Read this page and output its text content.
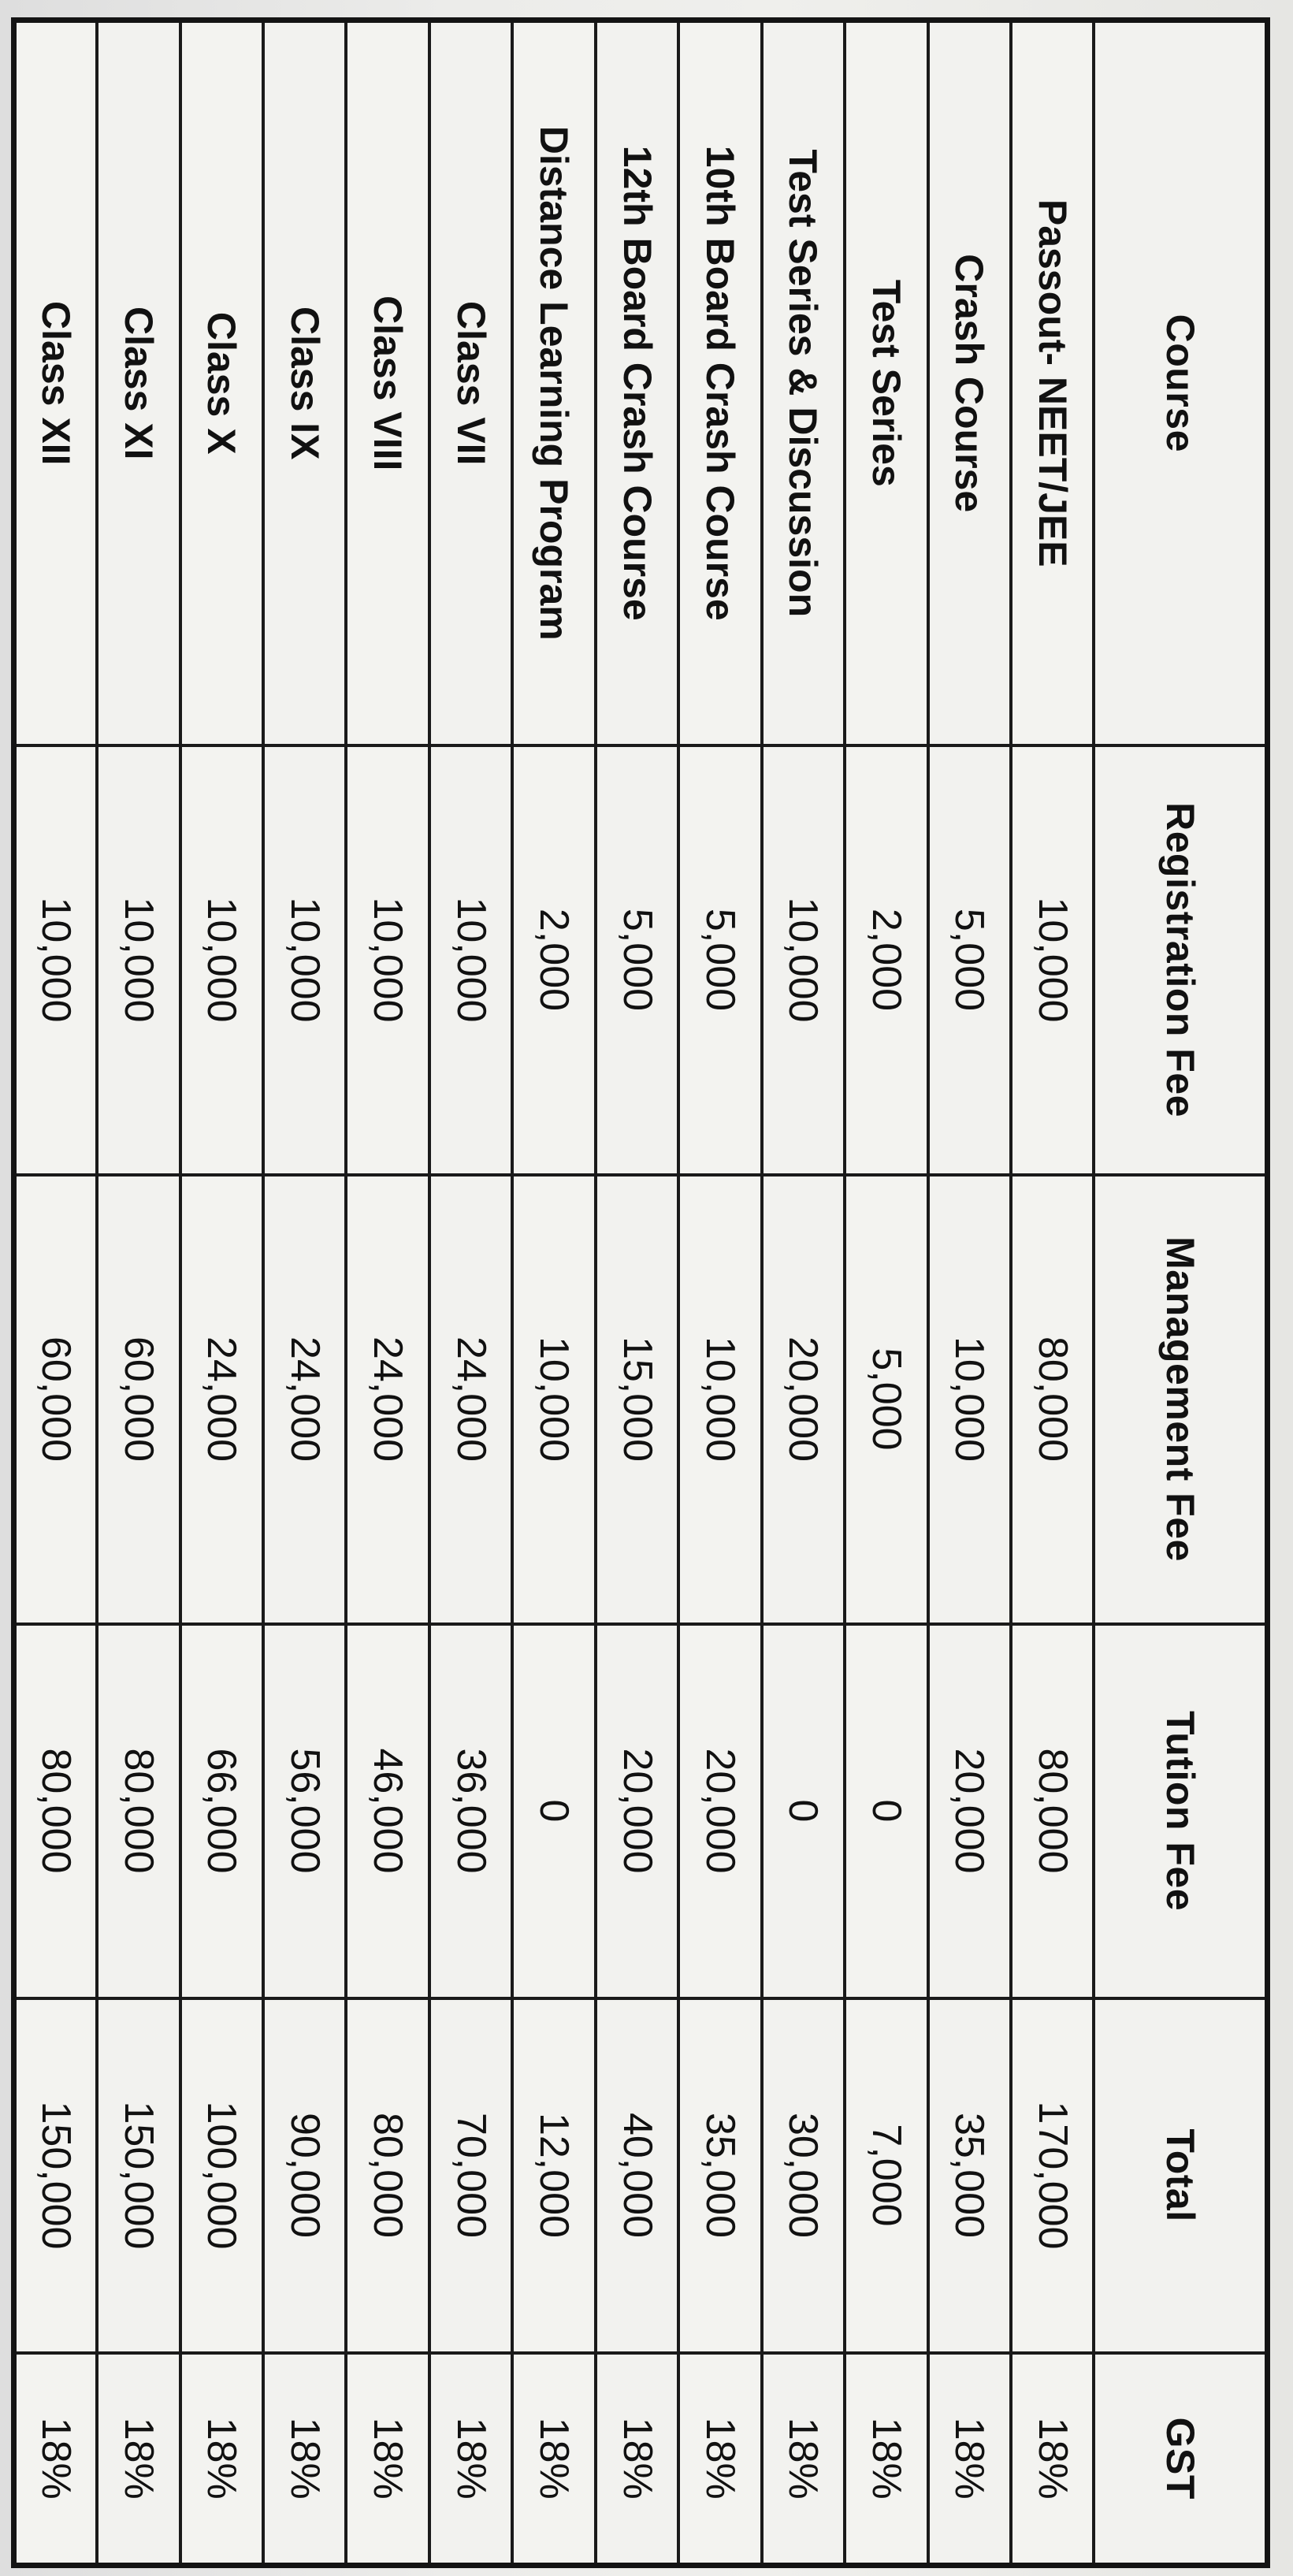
Course	Registration Fee	Management Fee	Tution Fee	Total	GST
Passout- NEET/JEE	10,000	80,000	80,000	170,000	18%
Crash Course	5,000	10,000	20,000	35,000	18%
Test Series	2,000	5,000	0	7,000	18%
Test Series & Discussion	10,000	20,000	0	30,000	18%
10th Board Crash Course	5,000	10,000	20,000	35,000	18%
12th Board Crash Course	5,000	15,000	20,000	40,000	18%
Distance Learning Program	2,000	10,000	0	12,000	18%
Class VII	10,000	24,000	36,000	70,000	18%
Class VIII	10,000	24,000	46,000	80,000	18%
Class IX	10,000	24,000	56,000	90,000	18%
Class X	10,000	24,000	66,000	100,000	18%
Class XI	10,000	60,000	80,000	150,000	18%
Class XII	10,000	60,000	80,000	150,000	18%
